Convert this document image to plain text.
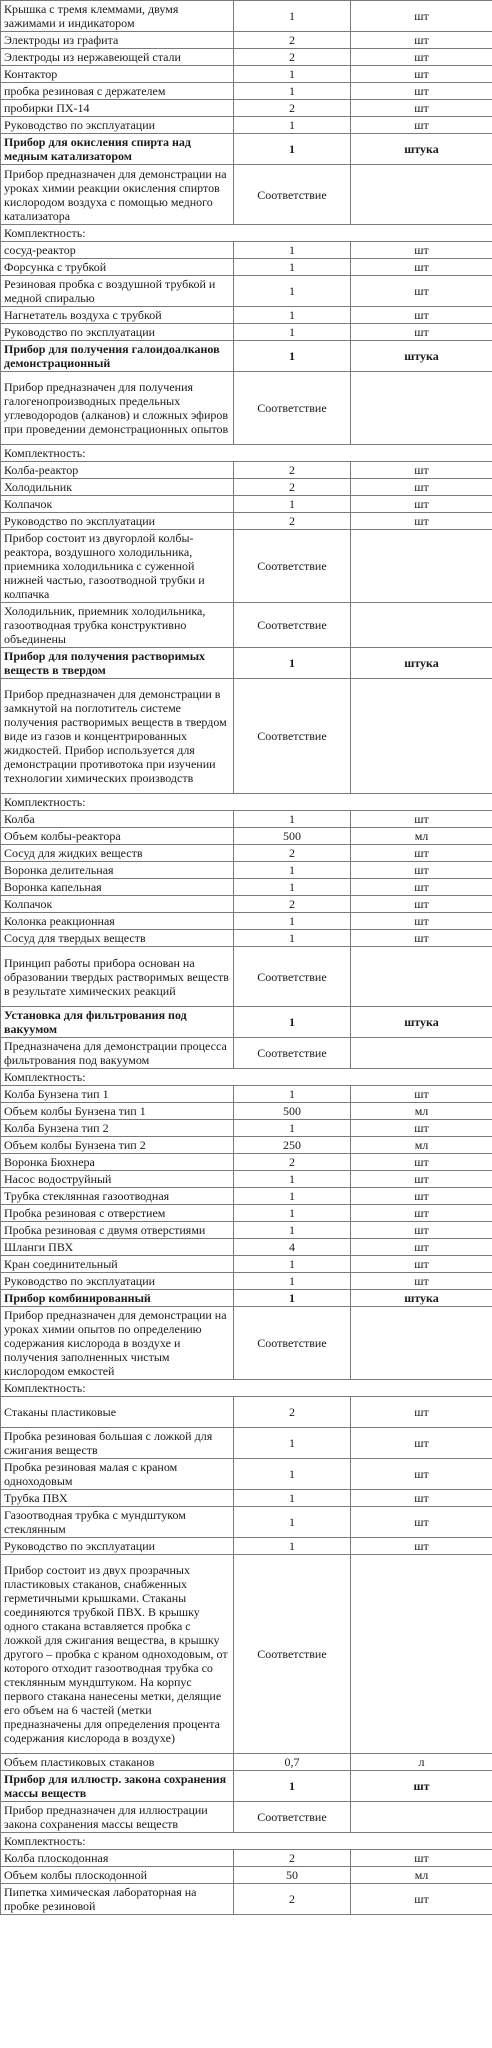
Крышка с тремя клеммами, двумя зажимами и индикатором	1	шт
Электроды из графита	2	шт
Электроды из нержавеющей стали	2	шт
Контактор	1	шт
пробка резиновая с держателем	1	шт
пробирки ПХ-14	2	шт
Руководство по эксплуатации	1	шт
Прибор для окисления спирта над медным катализатором	1	штука
Прибор предназначен для демонстрации на уроках химии реакции окисления спиртов кислородом воздуха с помощью медного катализатора	Соответствие	
Комплектность:		
сосуд-реактор	1	шт
Форсунка с трубкой	1	шт
Резиновая пробка с воздушной трубкой и медной спиралью	1	шт
Нагнетатель воздуха с трубкой	1	шт
Руководство по эксплуатации	1	шт
Прибор для получения галоидоалканов демонстрационный	1	штука
Прибор предназначен для получения галогенопроизводных предельных углеводородов (алканов) и сложных эфиров при проведении демонстрационных опытов	Соответствие	
Комплектность:		
Колба-реактор	2	шт
Холодильник	2	шт
Колпачок	1	шт
Руководство по эксплуатации	2	шт
Прибор состоит из двугорлой колбы-реактора, воздушного холодильника, приемника холодильника с суженной нижней частью, газоотводной трубки и колпачка	Соответствие	
Холодильник, приемник холодильника, газоотводная трубка конструктивно объединены	Соответствие	
Прибор для получения растворимых веществ в твердом	1	штука
Прибор предназначен для демонстрации в замкнутой на поглотитель системе получения растворимых веществ в твердом виде из газов и концентрированных жидкостей. Прибор используется для демонстрации противотока при изучении технологии химических производств	Соответствие	
Комплектность:		
Колба	1	шт
Объем колбы-реактора	500	мл
Сосуд для жидких веществ	2	шт
Воронка делительная	1	шт
Воронка капельная	1	шт
Колпачок	2	шт
Колонка реакционная	1	шт
Сосуд для твердых веществ	1	шт
Принцип работы прибора основан на образовании твердых растворимых веществ в результате химических реакций	Соответствие	
Установка для фильтрования под вакуумом	1	штука
Предназначена для демонстрации процесса фильтрования под вакуумом	Соответствие	
Комплектность:		
Колба Бунзена тип 1	1	шт
Объем колбы Бунзена тип 1	500	мл
Колба Бунзена тип 2	1	шт
Объем колбы Бунзена тип 2	250	мл
Воронка Бюхнера	2	шт
Насос водоструйный	1	шт
Трубка стеклянная газоотводная	1	шт
Пробка резиновая с отверстием	1	шт
Пробка резиновая с двумя отверстиями	1	шт
Шланги ПВХ	4	шт
Кран соединительный	1	шт
Руководство по эксплуатации	1	шт
Прибор комбинированный	1	штука
Прибор предназначен для демонстрации на уроках химии опытов по определению содержания кислорода в воздухе и получения заполненных чистым кислородом емкостей	Соответствие	
Комплектность:		
Стаканы пластиковые	2	шт
Пробка резиновая большая с ложкой для сжигания веществ	1	шт
Пробка резиновая малая с краном одноходовым	1	шт
Трубка ПВХ	1	шт
Газоотводная трубка с мундштуком стеклянным	1	шт
Руководство по эксплуатации	1	шт
Прибор состоит из двух прозрачных пластиковых стаканов, снабженных герметичными крышками. Стаканы соединяются трубкой ПВХ. В крышку одного стакана вставляется пробка с ложкой для сжигания вещества, в крышку другого – пробка с краном одноходовым, от которого отходит газоотводная трубка со стеклянным мундштуком. На корпус первого стакана нанесены метки, делящие его объем на 6 частей (метки предназначены для определения процента содержания кислорода в воздухе)	Соответствие	
Объем пластиковых стаканов	0,7	л
Прибор для иллюстр. закона сохранения массы веществ	1	шт
Прибор предназначен для иллюстрации закона сохранения массы веществ	Соответствие	
Комплектность:		
Колба плоскодонная	2	шт
Объем колбы плоскодонной	50	мл
Пипетка химическая лабораторная на пробке резиновой	2	шт
